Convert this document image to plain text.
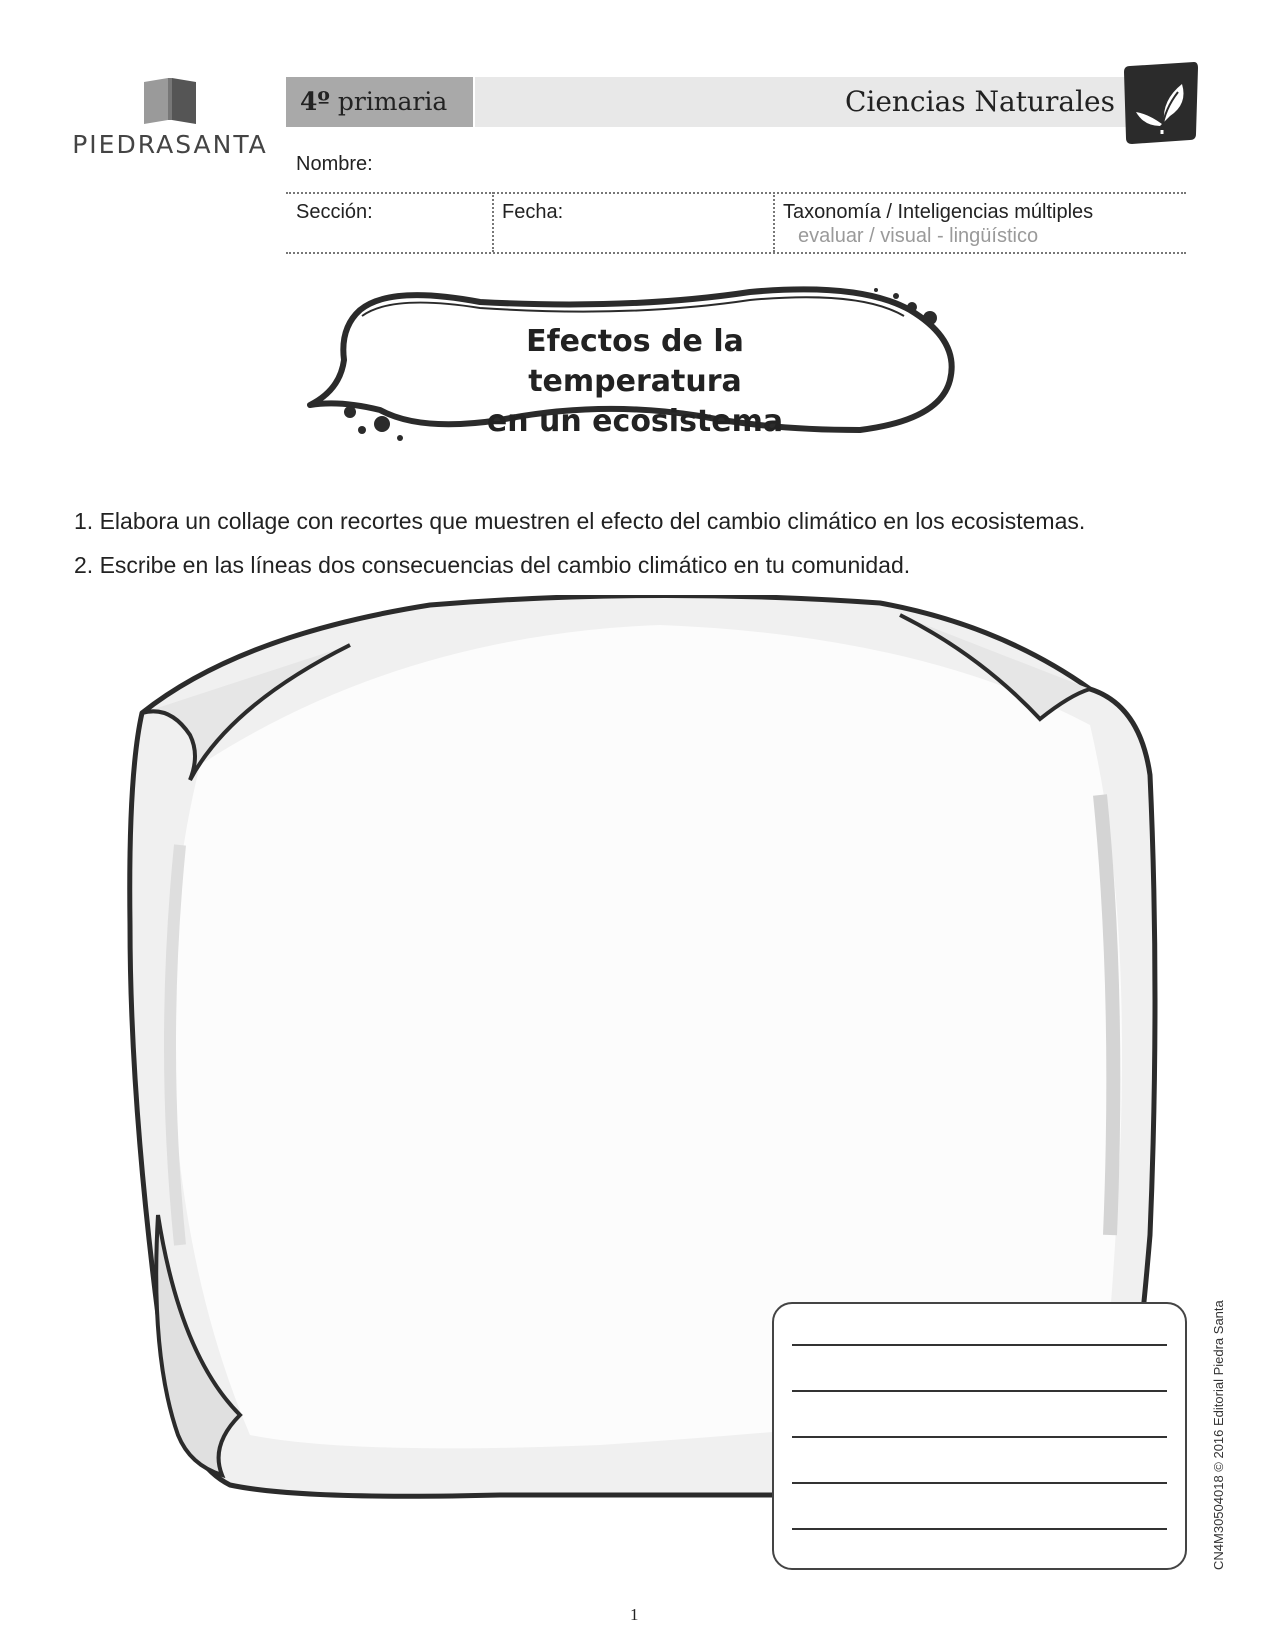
PIEDRASANTA
4º primaria	Ciencias Naturales
Nombre:
Sección:	Fecha:	Taxonomía / Inteligencias múltiples
evaluar / visual - lingüístico
Efectos de la temperatura
en un ecosistema
1. Elabora un collage con recortes que muestren el efecto del cambio climático en los ecosistemas.
2. Escribe en las líneas dos consecuencias del cambio climático en tu comunidad.
CN4M30504018 © 2016 Editorial Piedra Santa
1
